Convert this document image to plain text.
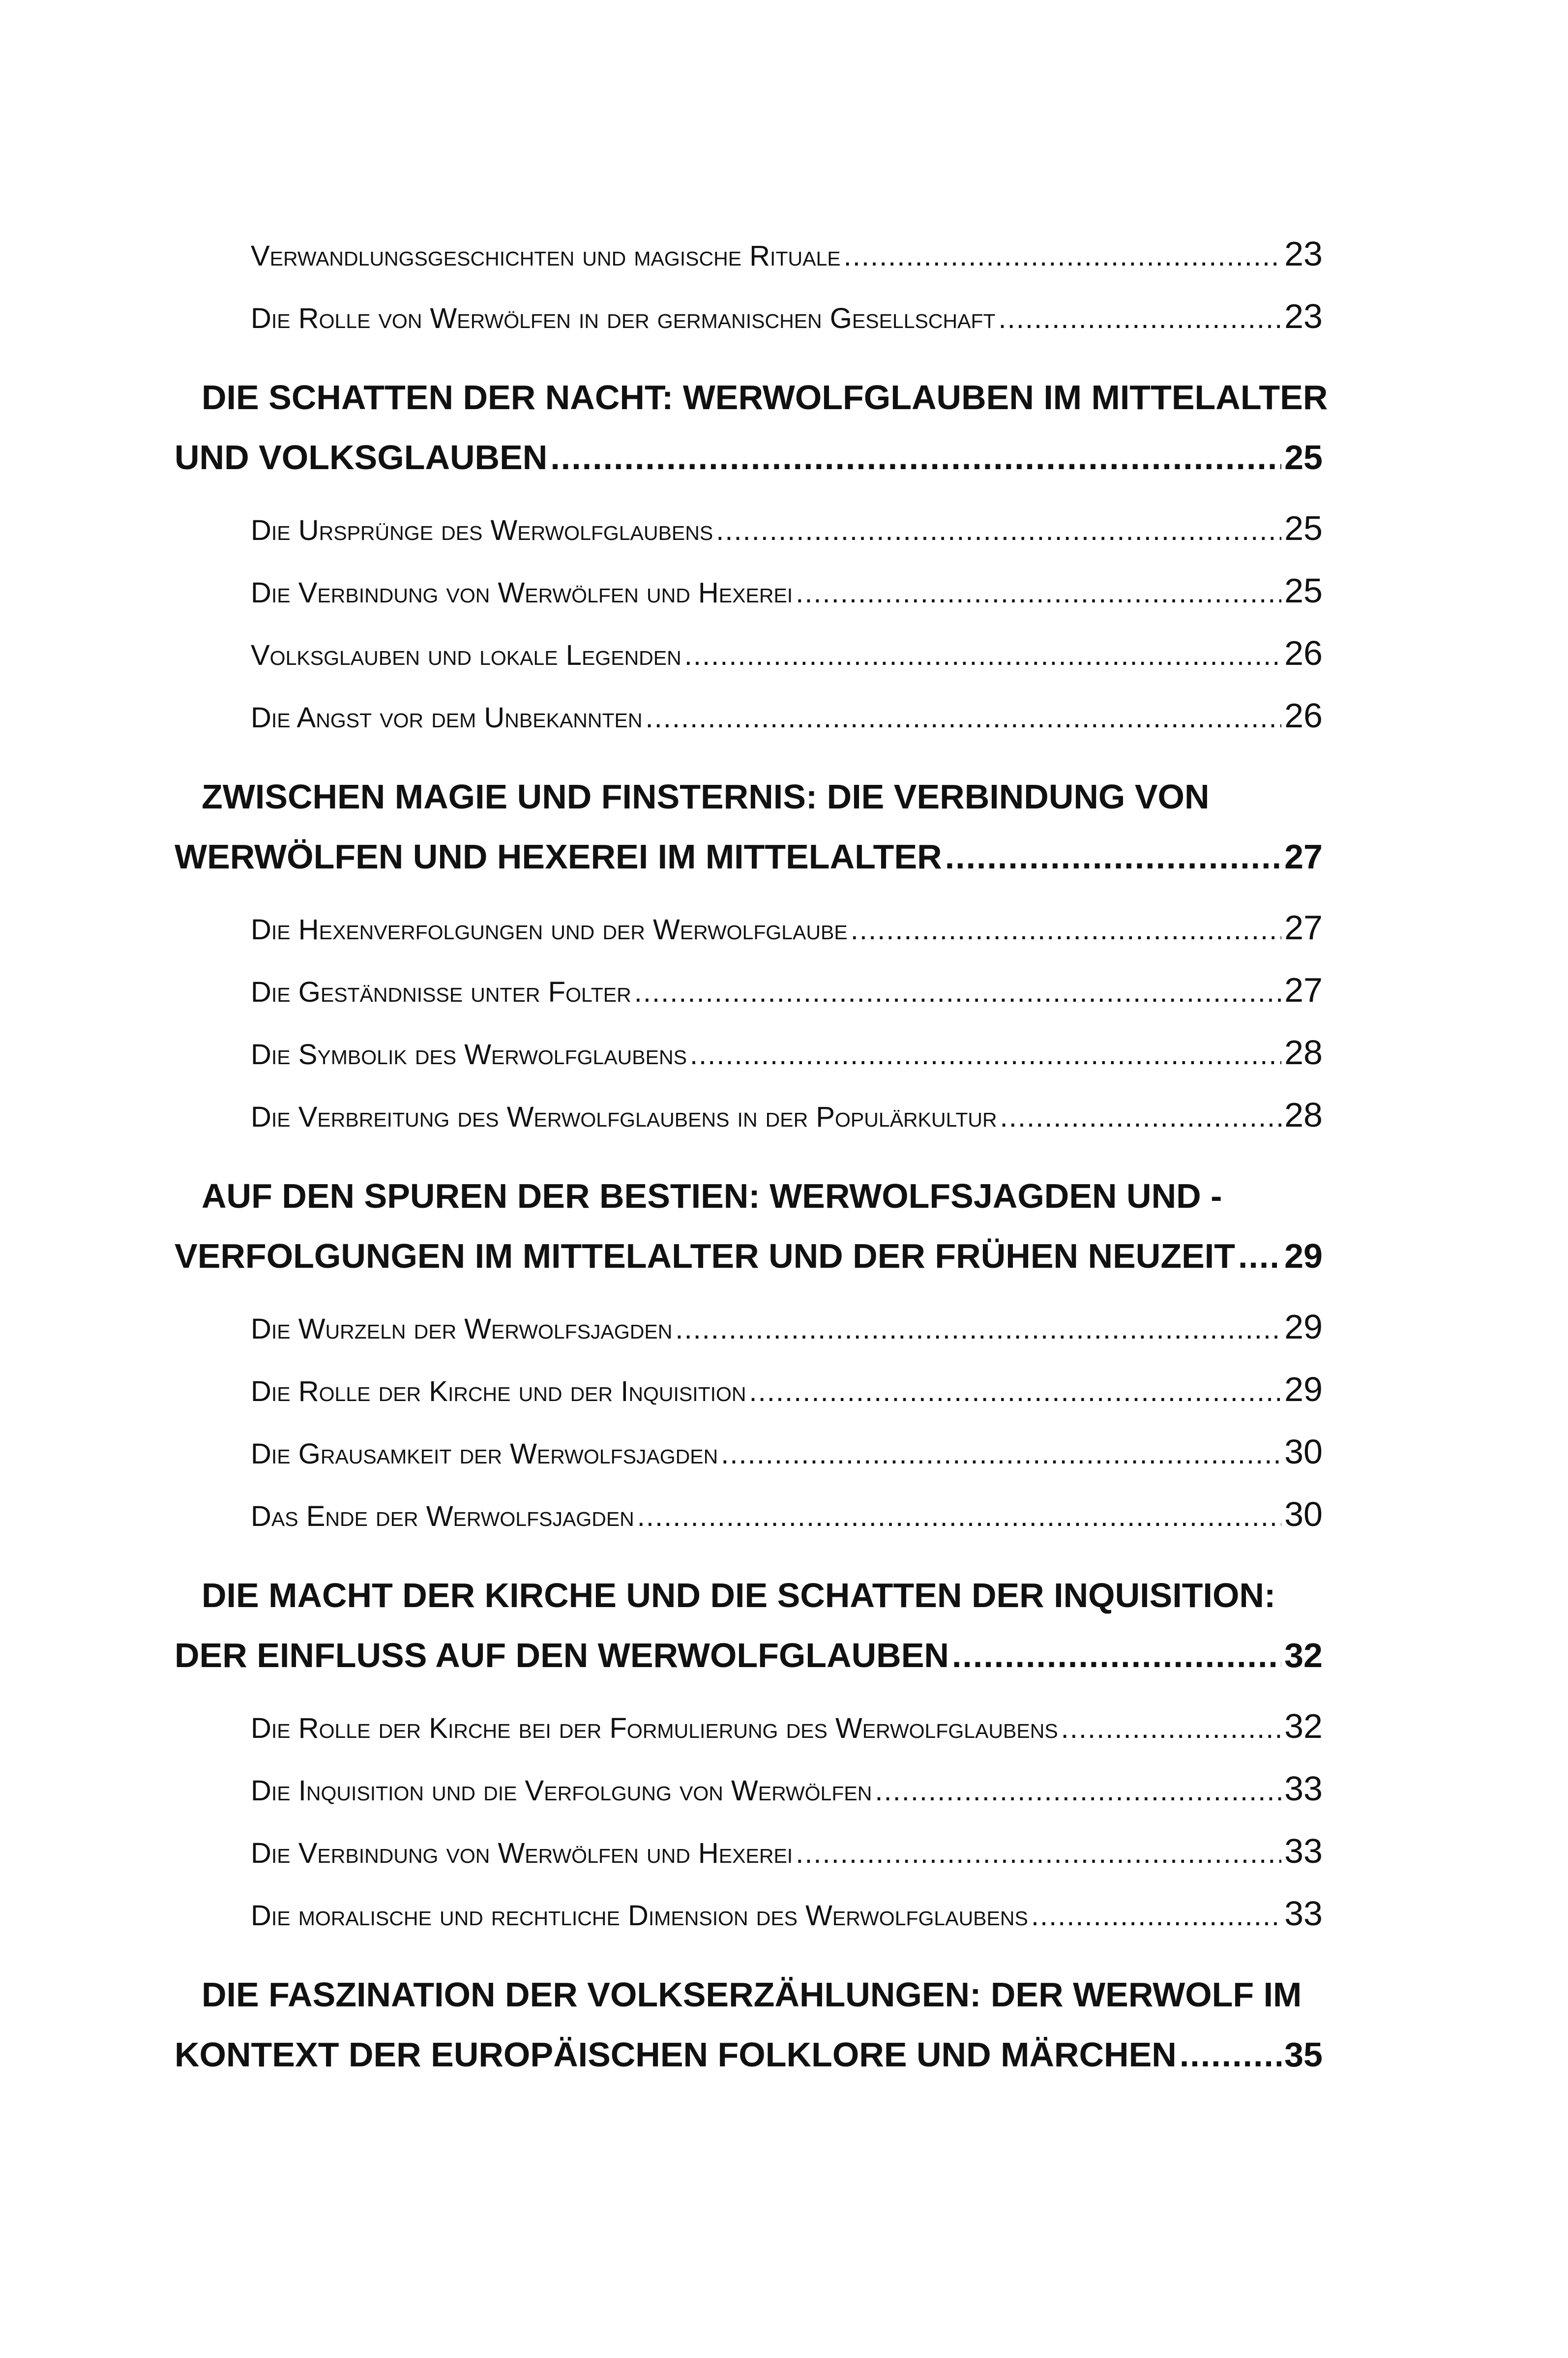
Verwandlungsgeschichten und magische Rituale .....	23
Die Rolle von Werwölfen in der germanischen Gesellschaft .....	23
DIE SCHATTEN DER NACHT: WERWOLFGLAUBEN IM MITTELALTER
UND VOLKSGLAUBEN .....	25
Die Ursprünge des Werwolfglaubens .....	25
Die Verbindung von Werwölfen und Hexerei .....	25
Volksglauben und lokale Legenden .....	26
Die Angst vor dem Unbekannten .....	26
ZWISCHEN MAGIE UND FINSTERNIS: DIE VERBINDUNG VON
WERWÖLFEN UND HEXEREI IM MITTELALTER .....	27
Die Hexenverfolgungen und der Werwolfglaube .....	27
Die Geständnisse unter Folter .....	27
Die Symbolik des Werwolfglaubens .....	28
Die Verbreitung des Werwolfglaubens in der Populärkultur .....	28
AUF DEN SPUREN DER BESTIEN: WERWOLFSJAGDEN UND -
VERFOLGUNGEN IM MITTELALTER UND DER FRÜHEN NEUZEIT ..... 29
Die Wurzeln der Werwolfsjagden .....	29
Die Rolle der Kirche und der Inquisition .....	29
Die Grausamkeit der Werwolfsjagden .....	30
Das Ende der Werwolfsjagden .....	30
DIE MACHT DER KIRCHE UND DIE SCHATTEN DER INQUISITION:
DER EINFLUSS AUF DEN WERWOLFGLAUBEN .....	32
Die Rolle der Kirche bei der Formulierung des Werwolfglaubens .....	32
Die Inquisition und die Verfolgung von Werwölfen .....	33
Die Verbindung von Werwölfen und Hexerei .....	33
Die moralische und rechtliche Dimension des Werwolfglaubens .....	33
DIE FASZINATION DER VOLKSERZÄHLUNGEN: DER WERWOLF IM
KONTEXT DER EUROPÄISCHEN FOLKLORE UND MÄRCHEN .....	35
